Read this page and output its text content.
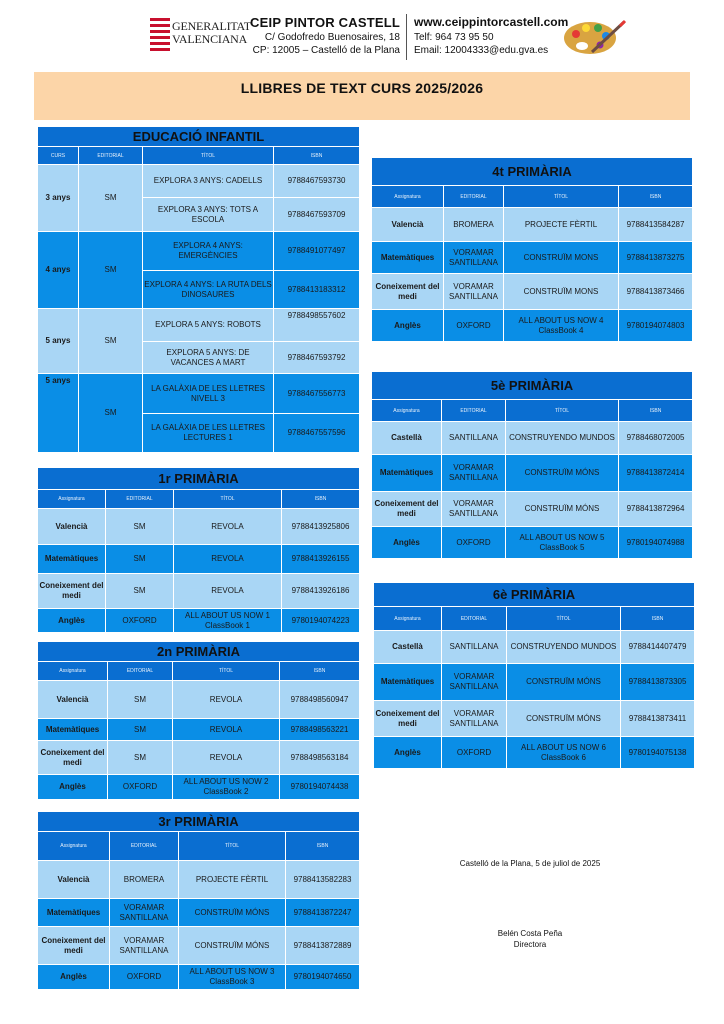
GENERALITAT
VALENCIANA
CEIP PINTOR CASTELL
C/ Godofredo Buenosaires, 18
CP: 12005 – Castelló de la Plana
www.ceippintorcastell.com
Telf: 964 73 95 50
Email: 12004333@edu.gva.es
LLIBRES DE TEXT CURS 2025/2026
EDUCACIÓ INFANTIL			
CURS	EDITORIAL	TÍTOL	ISBN
3 anys	SM	EXPLORA 3 ANYS: CADELLS	9788467593730
		EXPLORA 3 ANYS: TOTS A ESCOLA	9788467593709
4 anys	SM	EXPLORA 4 ANYS: EMERGÈNCIES	9788491077497
		EXPLORA 4 ANYS: LA RUTA DELS DINOSAURES	9788413183312
5 anys	SM	EXPLORA 5 ANYS: ROBOTS	9788498557602
		EXPLORA 5 ANYS: DE VACANCES A MART	9788467593792
5 anys	SM	LA GALÀXIA DE LES LLETRES NIVELL 3	9788467556773
		LA GALÀXIA DE LES LLETRES LECTURES 1	9788467557596
1r PRIMÀRIA			
Assignatura	EDITORIAL	TÍTOL	ISBN
Valencià	SM	REVOLA	9788413925806
Matemàtiques	SM	REVOLA	9788413926155
Coneixement del medi	SM	REVOLA	9788413926186
Anglès	OXFORD	ALL ABOUT US NOW 1 ClassBook 1	9780194074223
2n PRIMÀRIA			
Assignatura	EDITORIAL	TÍTOL	ISBN
Valencià	SM	REVOLA	9788498560947
Matemàtiques	SM	REVOLA	9788498563221
Coneixement del medi	SM	REVOLA	9788498563184
Anglès	OXFORD	ALL ABOUT US NOW 2 ClassBook 2	9780194074438
3r PRIMÀRIA			
Assignatura	EDITORIAL	TÍTOL	ISBN
Valencià	BROMERA	PROJECTE FÈRTIL	9788413582283
Matemàtiques	VORAMAR SANTILLANA	CONSTRUÏM MÓNS	9788413872247
Coneixement del medi	VORAMAR SANTILLANA	CONSTRUÏM MÓNS	9788413872889
Anglès	OXFORD	ALL ABOUT US NOW 3 ClassBook 3	9780194074650
4t PRIMÀRIA			
Assignatura	EDITORIAL	TÍTOL	ISBN
Valencià	BROMERA	PROJECTE FÈRTIL	9788413584287
Matemàtiques	VORAMAR SANTILLANA	CONSTRUÏM MONS	9788413873275
Coneixement del medi	VORAMAR SANTILLANA	CONSTRUÏM MONS	9788413873466
Anglès	OXFORD	ALL ABOUT US NOW 4 ClassBook 4	9780194074803
5è PRIMÀRIA			
Assignatura	EDITORIAL	TÍTOL	ISBN
Castellà	SANTILLANA	CONSTRUYENDO MUNDOS	9788468072005
Matemàtiques	VORAMAR SANTILLANA	CONSTRUÏM MÓNS	9788413872414
Coneixement del medi	VORAMAR SANTILLANA	CONSTRUÏM MÓNS	9788413872964
Anglès	OXFORD	ALL ABOUT US NOW 5 ClassBook 5	9780194074988
6è PRIMÀRIA			
Assignatura	EDITORIAL	TÍTOL	ISBN
Castellà	SANTILLANA	CONSTRUYENDO MUNDOS	9788414407479
Matemàtiques	VORAMAR SANTILLANA	CONSTRUÏM MÓNS	9788413873305
Coneixement del medi	VORAMAR SANTILLANA	CONSTRUÏM MÓNS	9788413873411
Anglès	OXFORD	ALL ABOUT US NOW 6 ClassBook 6	9780194075138
Castelló de la Plana, 5 de juliol de 2025
Belén Costa Peña
Directora
